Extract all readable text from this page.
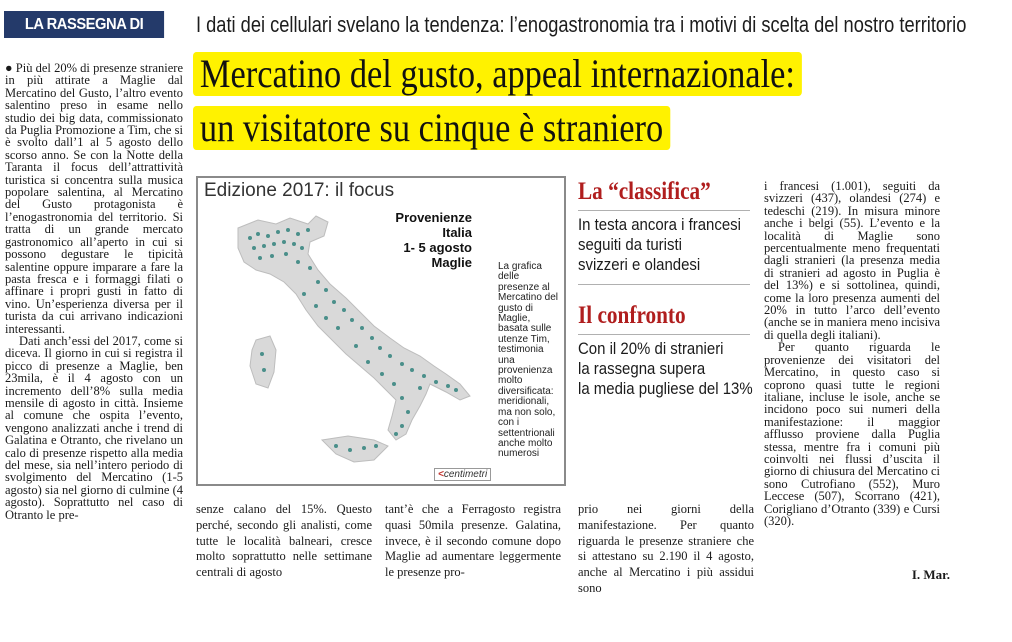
LA RASSEGNA DI MAGLIE
I dati dei cellulari svelano la tendenza: l’enogastronomia tra i motivi di scelta del nostro territorio
Mercatino del gusto, appeal internazionale:
un visitatore su cinque è straniero

● Più del 20% di presenze straniere in più attirate a Maglie dal Mercatino del Gusto, l’altro evento salentino preso in esame nello studio dei big data, commissionato da Puglia Promozione a Tim, che si è svolto dall’1 al 5 agosto dello scorso anno. Se con la Notte della Taranta il focus dell’attrattività turistica si concentra sulla musica popolare salentina, al Mercatino del Gusto protagonista è l’enogastronomia del territorio. Si tratta di un grande mercato gastronomico all’aperto in cui si possono degustare le tipicità salentine oppure imparare a fare la pasta fresca e i formaggi filati o affinare i propri gusti in fatto di vino. Un’esperienza diversa per il turista da cui arrivano indicazioni interessanti.

Dati anch’essi del 2017, come si diceva. Il giorno in cui si registra il picco di presenze a Maglie, ben 23mila, è il 4 agosto con un incremento dell’8% sulla media mensile di agosto in città. Insieme al comune che ospita l’evento, vengono analizzati anche i trend di Galatina e Otranto, che rivelano un calo di presenze rispetto alla media del mese, sia nell’intero periodo di svolgimento del Mercatino (1-5 agosto) sia nel giorno di culmine (4 agosto). Soprattutto nel caso di Otranto le pre-

Edizione 2017: il focus
Provenienze
Italia
1- 5 agosto
Maglie	La grafica delle presenze al Mercatino del gusto di Maglie, basata sulle utenze Tim, testimonia una provenienza molto diversificata: meridionali, ma non solo, con i settentrionali anche molto numerosi
<centimetri
La “classifica”
In testa ancora i francesi
seguiti da turisti
svizzeri e olandesi
Il confronto
Con il 20% di stranieri
la rassegna supera
la media pugliese del 13%

i francesi (1.001), seguiti da svizzeri (437), olandesi (274) e tedeschi (219). In misura minore anche i belgi (55). L’evento e la località di Maglie sono percentualmente meno frequentati dagli stranieri (la presenza media di stranieri ad agosto in Puglia è del 13%) e si sottolinea, quindi, come la loro presenza aumenti del 20% in tutto l’arco dell’evento (anche se in maniera meno incisiva di quella degli italiani).

Per quanto riguarda le provenienze dei visitatori del Mercatino, in questo caso si coprono quasi tutte le regioni italiane, incluse le isole, anche se incidono poco sui numeri della manifestazione: il maggior afflusso proviene dalla Puglia stessa, mentre fra i comuni più coinvolti nei flussi d’uscita il giorno di chiusura del Mercatino ci sono Cutrofiano (552), Muro Leccese (507), Scorrano (421), Corigliano d’Otranto (339) e Cursi (320).

I. Mar.
senze calano del 15%. Questo perché, secondo gli analisti, come tutte le località balneari, cresce molto soprattutto nelle settimane centrali di agosto
tant’è che a Ferragosto registra quasi 50mila presenze. Galatina, invece, è il secondo comune dopo Maglie ad aumentare leggermente le presenze pro-
prio nei giorni della manifestazione. Per quanto riguarda le presenze straniere che si attestano su 2.190 il 4 agosto, anche al Mercatino i più assidui sono
